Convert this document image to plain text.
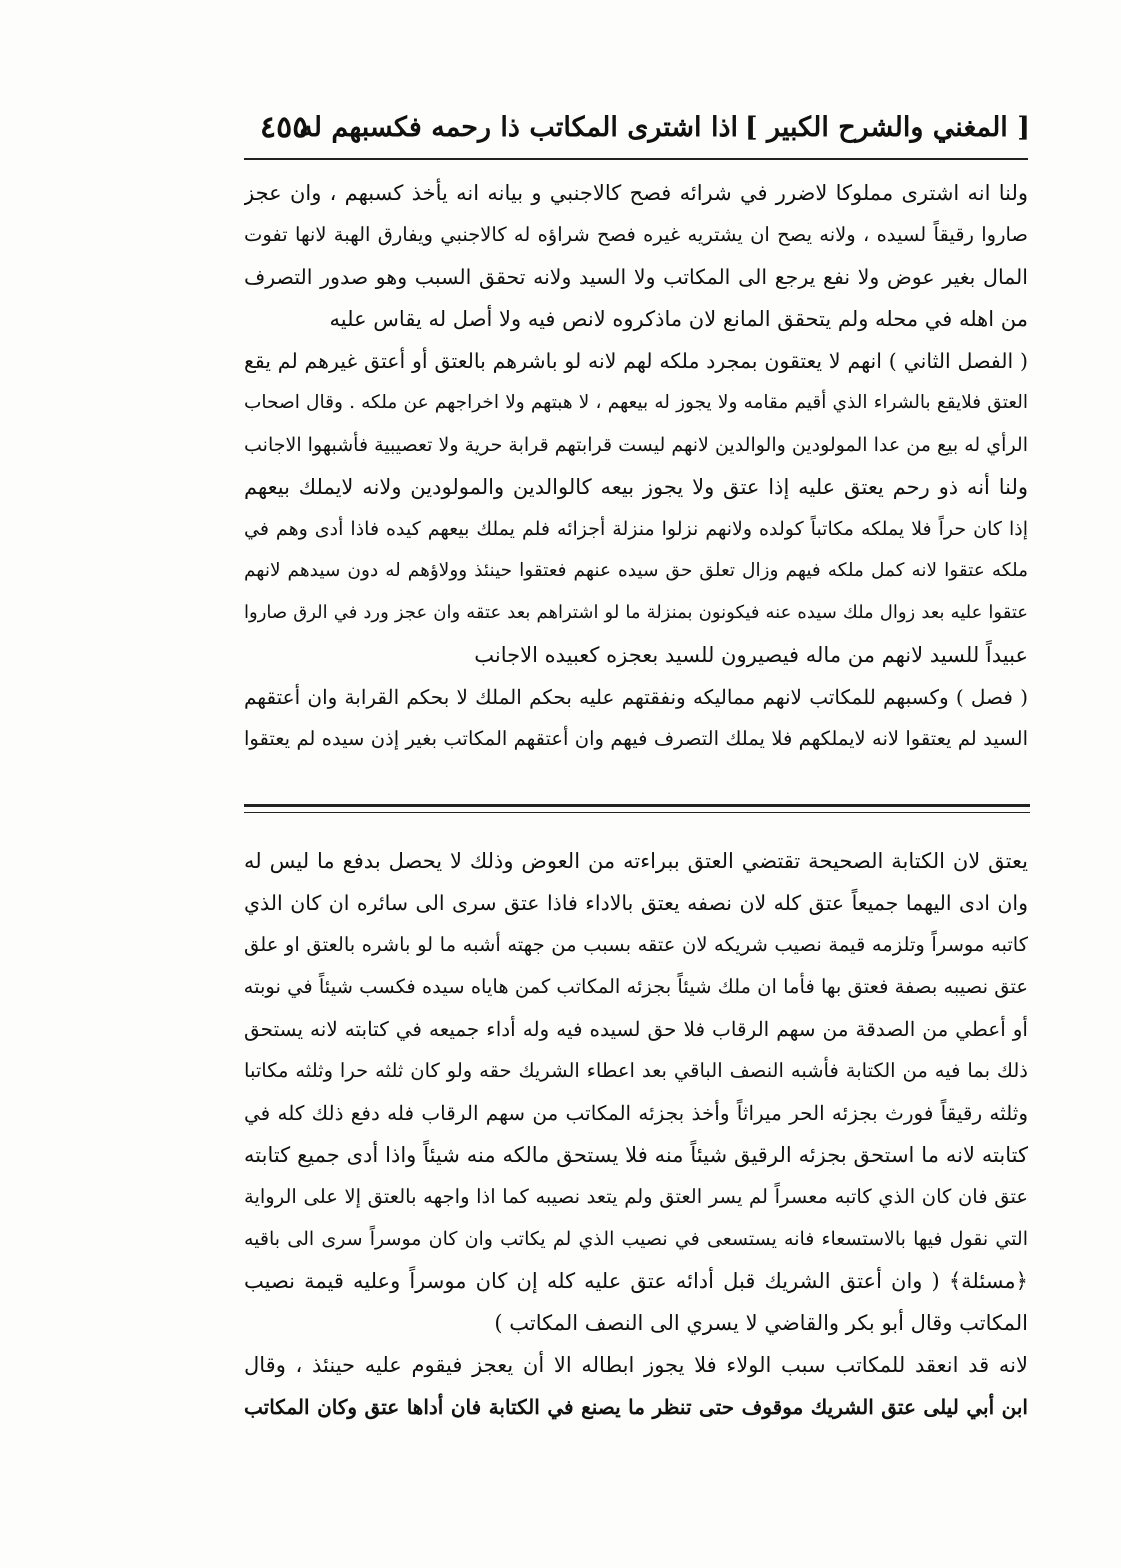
[ المغني والشرح الكبير ]
اذا اشترى المكاتب ذا رحمه فكسبهم له
٤٥٥
ولنا انه اشترى مملوكا لاضرر في شرائه فصح كالاجنبي و بيانه انه يأخذ كسبهم ، وان عجز
صاروا رقيقاً لسيده ، ولانه يصح ان يشتريه غيره فصح شراؤه له كالاجنبي ويفارق الهبة لانها تفوت
المال بغير عوض ولا نفع يرجع الى المكاتب ولا السيد ولانه تحقق السبب وهو صدور التصرف
من اهله في محله ولم يتحقق المانع لان ماذكروه لانص فيه ولا أصل له يقاس عليه
( الفصل الثاني ) انهم لا يعتقون بمجرد ملكه لهم لانه لو باشرهم بالعتق أو أعتق غيرهم لم يقع
العتق فلايقع بالشراء الذي أقيم مقامه ولا يجوز له بيعهم ، لا هبتهم ولا اخراجهم عن ملكه . وقال اصحاب
الرأي له بيع من عدا المولودين والوالدين لانهم ليست قرابتهم قرابة حرية ولا تعصيبية فأشبهوا الاجانب
ولنا أنه ذو رحم يعتق عليه إذا عتق ولا يجوز بيعه كالوالدين والمولودين ولانه لايملك بيعهم
إذا كان حراً فلا يملكه مكاتباً كولده ولانهم نزلوا منزلة أجزائه فلم يملك بيعهم كيده فاذا أدى وهم في
ملكه عتقوا لانه كمل ملكه فيهم وزال تعلق حق سيده عنهم فعتقوا حينئذ وولاؤهم له دون سيدهم لانهم
عتقوا عليه بعد زوال ملك سيده عنه فيكونون بمنزلة ما لو اشتراهم بعد عتقه وان عجز ورد في الرق صاروا
عبيداً للسيد لانهم من ماله فيصيرون للسيد بعجزه كعبيده الاجانب
( فصل ) وكسبهم للمكاتب لانهم مماليكه ونفقتهم عليه بحكم الملك لا بحكم القرابة وان أعتقهم
السيد لم يعتقوا لانه لايملكهم فلا يملك التصرف فيهم وان أعتقهم المكاتب بغير إذن سيده لم يعتقوا
يعتق لان الكتابة الصحيحة تقتضي العتق ببراءته من العوض وذلك لا يحصل بدفع ما ليس له
وان ادى اليهما جميعاً عتق كله لان نصفه يعتق بالاداء فاذا عتق سرى الى سائره ان كان الذي
كاتبه موسراً وتلزمه قيمة نصيب شريكه لان عتقه بسبب من جهته أشبه ما لو باشره بالعتق او علق
عتق نصيبه بصفة فعتق بها فأما ان ملك شيئاً بجزئه المكاتب كمن هاياه سيده فكسب شيئاً في نوبته
أو أعطي من الصدقة من سهم الرقاب فلا حق لسيده فيه وله أداء جميعه في كتابته لانه يستحق
ذلك بما فيه من الكتابة فأشبه النصف الباقي بعد اعطاء الشريك حقه ولو كان ثلثه حرا وثلثه مكاتبا
وثلثه رقيقاً فورث بجزئه الحر ميراثاً وأخذ بجزئه المكاتب من سهم الرقاب فله دفع ذلك كله في
كتابته لانه ما استحق بجزئه الرقيق شيئاً منه فلا يستحق مالكه منه شيئاً واذا أدى جميع كتابته
عتق فان كان الذي كاتبه معسراً لم يسر العتق ولم يتعد نصيبه كما اذا واجهه بالعتق إلا على الرواية
التي نقول فيها بالاستسعاء فانه يستسعى في نصيب الذي لم يكاتب وان كان موسراً سرى الى باقيه
﴿مسئلة﴾ ( وان أعتق الشريك قبل أدائه عتق عليه كله إن كان موسراً وعليه قيمة نصيب
المكاتب وقال أبو بكر والقاضي لا يسري الى النصف المكاتب )
لانه قد انعقد للمكاتب سبب الولاء فلا يجوز ابطاله الا أن يعجز فيقوم عليه حينئذ ، وقال
ابن أبي ليلى عتق الشريك موقوف حتى تنظر ما يصنع في الكتابة فان أداها عتق وكان المكاتب
